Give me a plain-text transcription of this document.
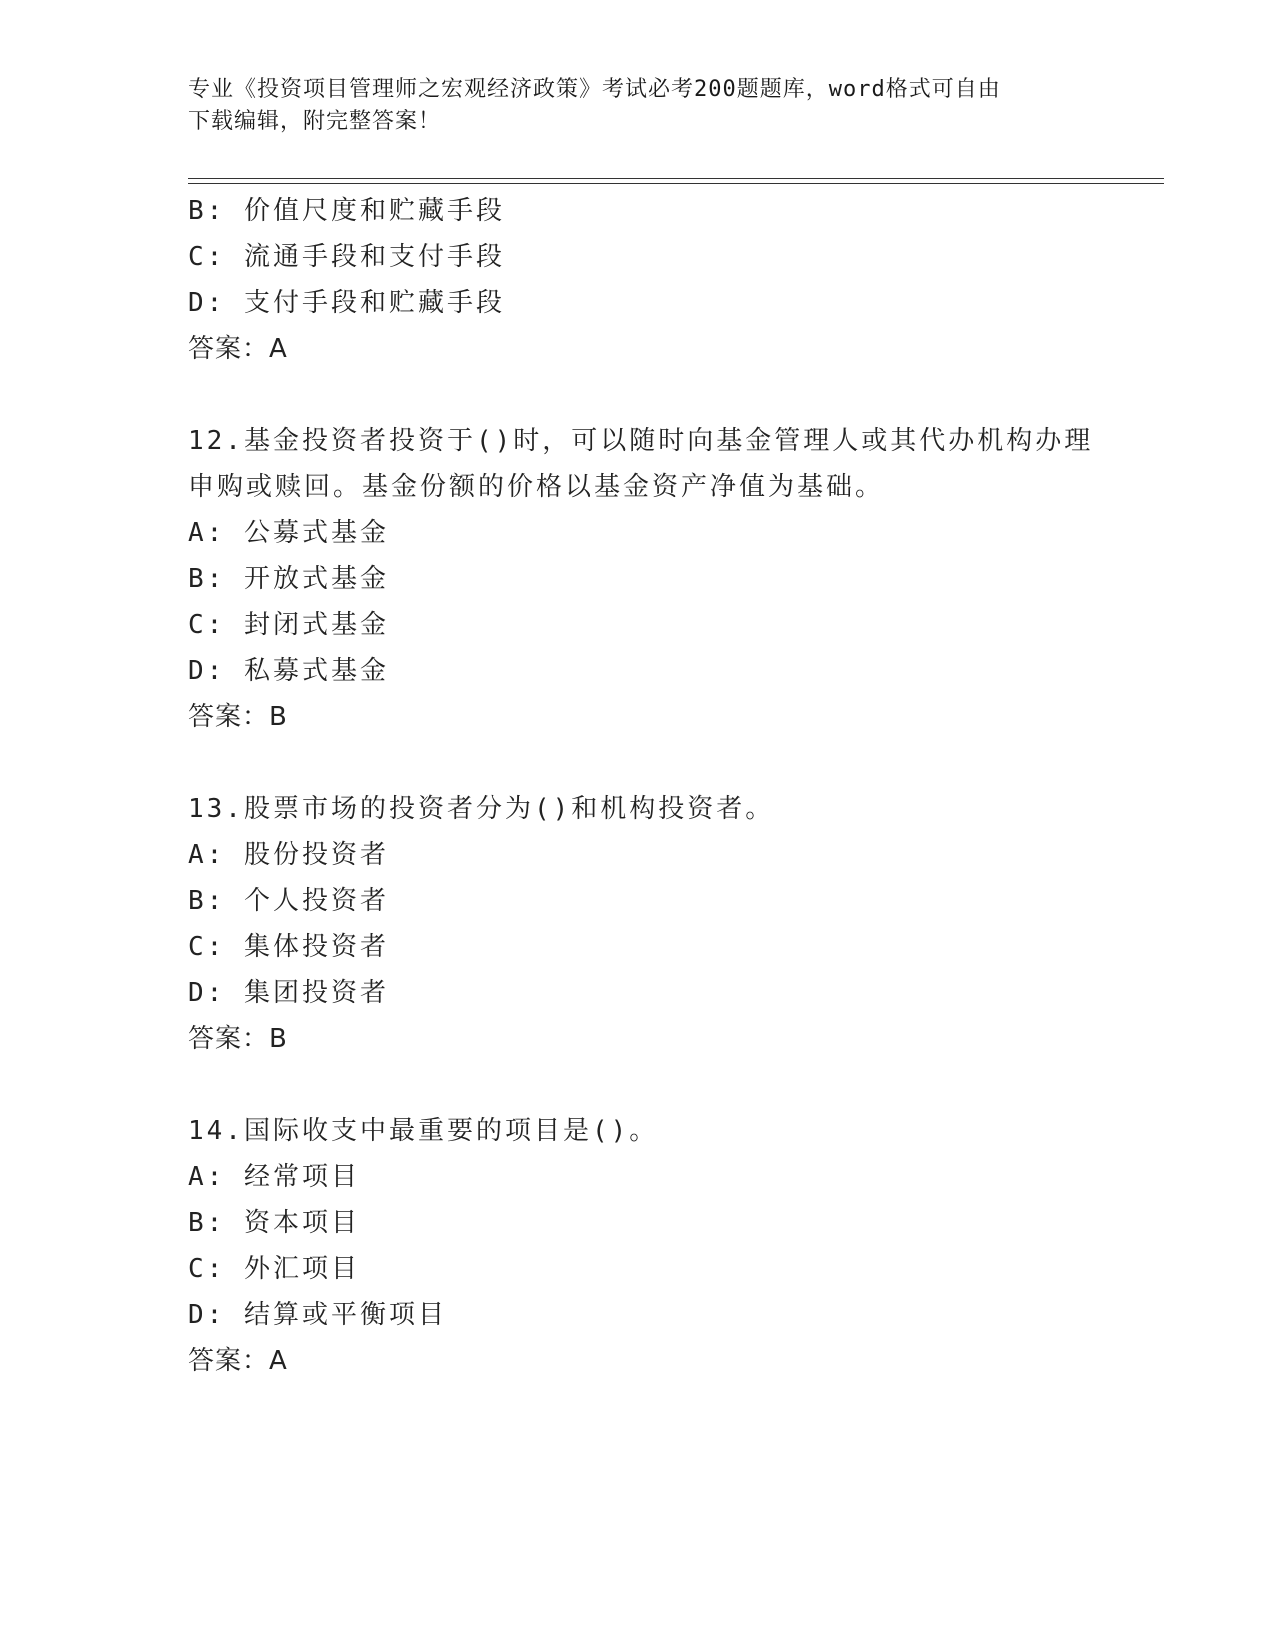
专业《投资项目管理师之宏观经济政策》考试必考200题题库，word格式可自由
下载编辑，附完整答案！
B: 价值尺度和贮藏手段
C: 流通手段和支付手段
D: 支付手段和贮藏手段
答案：A
12.基金投资者投资于()时，可以随时向基金管理人或其代办机构办理
申购或赎回。基金份额的价格以基金资产净值为基础。
A: 公募式基金
B: 开放式基金
C: 封闭式基金
D: 私募式基金
答案：B
13.股票市场的投资者分为()和机构投资者。
A: 股份投资者
B: 个人投资者
C: 集体投资者
D: 集团投资者
答案：B
14.国际收支中最重要的项目是()。
A: 经常项目
B: 资本项目
C: 外汇项目
D: 结算或平衡项目
答案：A
